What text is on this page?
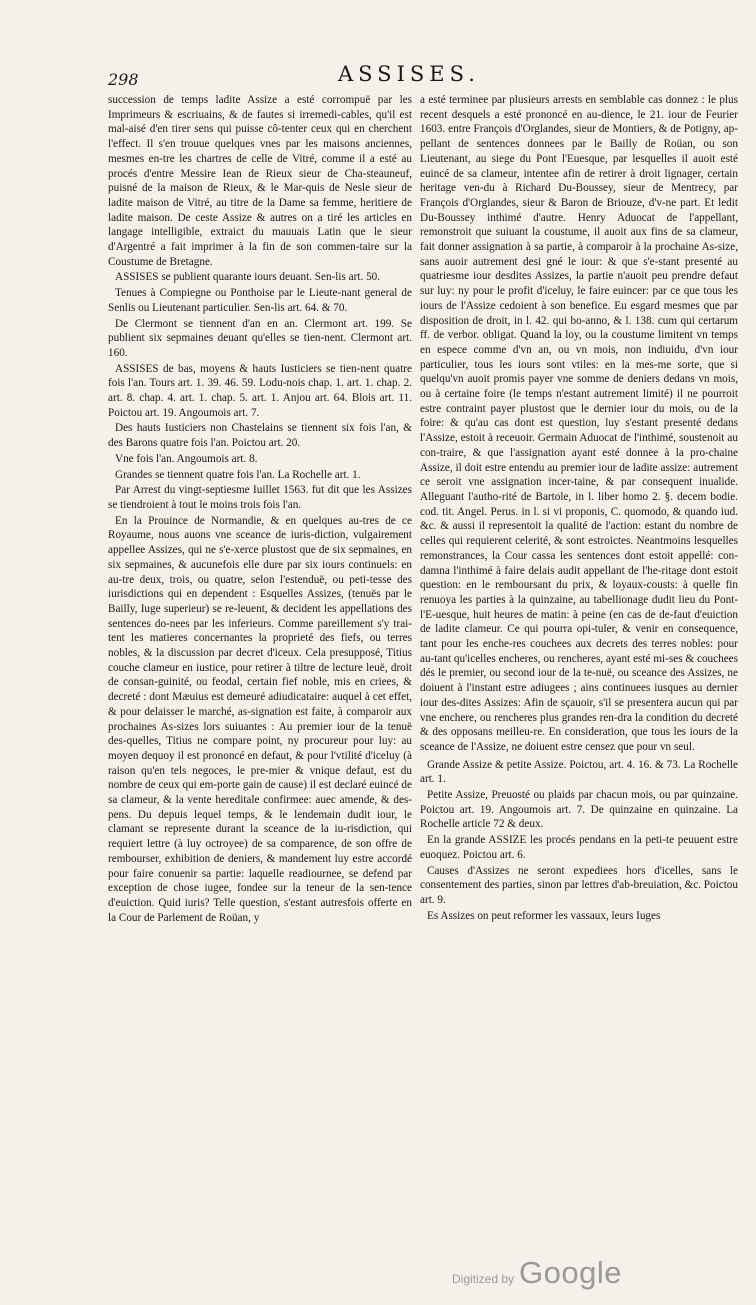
298	ASSISES.

succession de temps ladite Assize a esté corrompuë par les Imprimeurs & escriuains, & de fautes si irremedi-cables, qu'il est mal-aisé d'en tirer sens qui puisse cô-tenter ceux qui en cherchent l'effect. Il s'en trouue quelques vnes par les maisons anciennes, mesmes en-tre les chartres de celle de Vitré, comme il a esté au procés d'entre Messire Iean de Rieux sieur de Cha-steauneuf, puisné de la maison de Rieux, & le Mar-quis de Nesle sieur de ladite maison de Vitré, au titre de la Dame sa femme, heritiere de ladite maison. De ceste Assize & autres on a tiré les articles en langage intelligible, extraict du mauuais Latin que le sieur d'Argentré a fait imprimer à la fin de son commen-taire sur la Coustume de Bretagne.

ASSISES se publient quarante iours deuant. Sen-lis art. 50.

Tenues à Compiegne ou Ponthoise par le Lieute-nant general de Senlis ou Lieutenant particulier. Sen-lis art. 64. & 70.

De Clermont se tiennent d'an en an. Clermont art. 199. Se publient six sepmaines deuant qu'elles se tien-nent. Clermont art. 160.

ASSISES de bas, moyens & hauts Iusticiers se tien-nent quatre fois l'an. Tours art. 1. 39. 46. 59. Lodu-nois chap. 1. art. 1. chap. 2. art. 8. chap. 4. art. 1. chap. 5. art. 1. Anjou art. 64. Blois art. 11. Poictou art. 19. Angoumois art. 7.

Des hauts Iusticiers non Chastelains se tiennent six fois l'an, & des Barons quatre fois l'an. Poictou art. 20.

Vne fois l'an. Angoumois art. 8.

Grandes se tiennent quatre fois l'an. La Rochelle art. 1.

Par Arrest du vingt-septiesme Iuillet 1563. fut dit que les Assizes se tiendroient à tout le moins trois fois l'an.

En la Prouince de Normandie, & en quelques au-tres de ce Royaume, nous auons vne sceance de iuris-diction, vulgairement appellee Assizes, qui ne s'e-xerce plustost que de six sepmaines, en six sepmaines, & aucunefois elle dure par six iours continuels: en au-tre deux, trois, ou quatre, selon l'estenduë, ou peti-tesse des iurisdictions qui en dependent : Esquelles Assizes, (tenuës par le Bailly, Iuge superieur) se re-leuent, & decident les appellations des sentences do-nees par les inferieurs. Comme pareillement s'y trai-tent les matieres concernantes la proprieté des fiefs, ou terres nobles, & la discussion par decret d'iceux. Cela presupposé, Titius couche clameur en iustice, pour retirer à tiltre de lecture leuë, droit de consan-guinité, ou feodal, certain fief noble, mis en criees, & decreté : dont Mæuius est demeuré adiudicataire: auquel à cet effet, & pour delaisser le marché, as-signation est faite, à comparoir aux prochaines As-sizes lors suiuantes : Au premier iour de la tenuë des-quelles, Titius ne compare point, ny procureur pour luy: au moyen dequoy il est prononcé en defaut, & pour l'vtilité d'iceluy (à raison qu'en tels negoces, le pre-mier & vnique defaut, est du nombre de ceux qui em-porte gain de cause) il est declaré euincé de sa clameur, & la vente hereditale confirmee: auec amende, & des-pens. Du depuis lequel temps, & le lendemain dudit iour, le clamant se represente durant la sceance de la iu-risdiction, qui requiert lettre (à luy octroyee) de sa comparence, de son offre de rembourser, exhibition de deniers, & mandement luy estre accordé pour faire conuenir sa partie: laquelle readiournee, se defend par exception de chose iugee, fondee sur la teneur de la sen-tence d'euiction. Quid iuris? Telle question, s'estant autresfois offerte en la Cour de Parlement de Roüan, y

a esté terminee par plusieurs arrests en semblable cas donnez : le plus recent desquels a esté prononcé en au-dience, le 21. iour de Feurier 1603. entre François d'Orglandes, sieur de Montiers, & de Potigny, ap-pellant de sentences donnees par le Bailly de Roüan, ou son Lieutenant, au siege du Pont l'Euesque, par lesquelles il auoit esté euincé de sa clameur, intentee afin de retirer à droit lignager, certain heritage ven-du à Richard Du-Boussey, sieur de Mentrecy, par François d'Orglandes, sieur & Baron de Briouze, d'v-ne part. Et ledit Du-Boussey inthimé d'autre. Henry Aduocat de l'appellant, remonstroit que suiuant la coustume, il auoit aux fins de sa clameur, fait donner assignation à sa partie, à comparoir à la prochaine As-size, sans auoir autrement desi gné le iour: & que s'e-stant presenté au quatriesme iour desdites Assizes, la partie n'auoit peu prendre defaut sur luy: ny pour le profit d'iceluy, le faire euincer: par ce que tous les iours de l'Assize cedoient à son benefice. Eu esgard mesmes que par disposition de droit, in l. 42. qui bo-anno, & l. 138. cum qui certarum ff. de verbor. obligat. Quand la loy, ou la coustume limitent vn temps en espece comme d'vn an, ou vn mois, non indiuidu, d'vn iour particulier, tous les iours sont vtiles: en la mes-me sorte, que si quelqu'vn auoit promis payer vne somme de deniers dedans vn mois, ou à certaine foire (le temps n'estant autrement limité) il ne pourroit estre contraint payer plustost que le dernier iour du mois, ou de la foire: & qu'au cas dont est question, luy s'estant presenté dedans l'Assize, estoit à receuoir. Germain Aduocat de l'inthimé, soustenoit au con-traire, & que l'assignation ayant esté donnee à la pro-chaine Assize, il doit estre entendu au premier iour de ladite assize: autrement ce seroit vne assignation incer-taine, & par consequent inualide. Alleguant l'autho-rité de Bartole, in l. liber homo 2. §. decem bodie. cod. tit. Angel. Perus. in l. si vi proponis, C. quomodo, & quando iud. &c. & aussi il representoit la qualité de l'action: estant du nombre de celles qui requierent celerité, & sont estroictes. Neantmoins lesquelles remonstrances, la Cour cassa les sentences dont estoit appellé: con-damna l'inthimé à faire delais audit appellant de l'he-ritage dont estoit question: en le remboursant du prix, & loyaux-cousts: à quelle fin renuoya les parties à la quinzaine, au tabellionage dudit lieu du Pont-l'E-uesque, huit heures de matin: à peine (en cas de de-faut d'euiction de ladite clameur. Ce qui pourra opi-tuler, & venir en consequence, tant pour les enche-res couchees aux decrets des terres nobles: pour au-tant qu'icelles encheres, ou rencheres, ayant esté mi-ses & couchees dés le premier, ou second iour de la te-nuë, ou sceance des Assizes, ne doiuent à l'instant estre adiugees ; ains continuees iusques au dernier iour des-dites Assizes: Afin de sçauoir, s'il se presentera aucun qui par vne enchere, ou rencheres plus grandes ren-dra la condition du decreté & des opposans meilleu-re. En consideration, que tous les iours de la sceance de l'Assize, ne doiuent estre censez que pour vn seul.

Grande Assize & petite Assize. Poictou, art. 4. 16. & 73. La Rochelle art. 1.

Petite Assize, Preuosté ou plaids par chacun mois, ou par quinzaine. Poictou art. 19. Angoumois art. 7. De quinzaine en quinzaine. La Rochelle article 72 & deux.

En la grande ASSIZE les procés pendans en la peti-te peuuent estre euoquez. Poictou art. 6.

Causes d'Assizes ne seront expediees hors d'icelles, sans le consentement des parties, sinon par lettres d'ab-breuiation, &c. Poictou art. 9.

Es Assizes on peut reformer les vassaux, leurs Iuges

Digitized by Google
